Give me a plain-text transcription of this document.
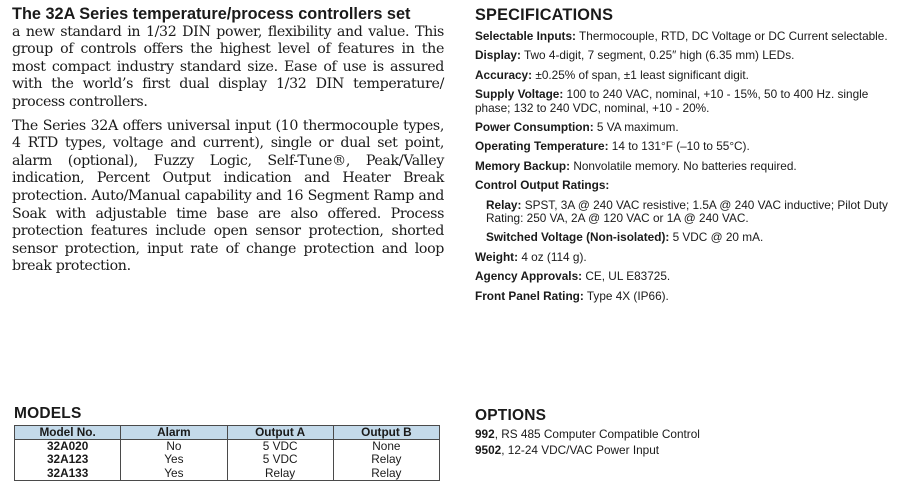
The 32A Series temperature/process controllers set
a new standard in 1/32 DIN power, flexibility and value. This group of controls offers the highest level of features in the most compact industry standard size. Ease of use is assured with the world’s first dual display 1/32 DIN temperature/ process controllers.

The Series 32A offers universal input (10 thermocouple types, 4 RTD types, voltage and current), single or dual set point, alarm (optional), Fuzzy Logic, Self-Tune®, Peak/Valley indication, Percent Output indication and Heater Break protection. Auto/Manual capability and 16 Segment Ramp and Soak with adjustable time base are also offered. Process protection features include open sensor protection, shorted sensor protection, input rate of change protection and loop break protection.

SPECIFICATIONS
Selectable Inputs: Thermocouple, RTD, DC Voltage or DC Current selectable.
Display: Two 4-digit, 7 segment, 0.25″ high (6.35 mm) LEDs.
Accuracy: ±0.25% of span, ±1 least significant digit.
Supply Voltage: 100 to 240 VAC, nominal, +10 - 15%, 50 to 400 Hz. single phase; 132 to 240 VDC, nominal, +10 - 20%.
Power Consumption: 5 VA maximum.
Operating Temperature: 14 to 131°F (–10 to 55°C).
Memory Backup: Nonvolatile memory. No batteries required.
Control Output Ratings:
Relay: SPST, 3A @ 240 VAC resistive; 1.5A @ 240 VAC inductive; Pilot Duty Rating: 250 VA, 2A @ 120 VAC or 1A @ 240 VAC.
Switched Voltage (Non-isolated): 5 VDC @ 20 mA.
Weight: 4 oz (114 g).
Agency Approvals: CE, UL E83725.
Front Panel Rating: Type 4X (IP66).
MODELS
Model No.	Alarm	Output A	Output B
32A020	No	5 VDC	None
32A123	Yes	5 VDC	Relay
32A133	Yes	Relay	Relay
OPTIONS

992, RS 485 Computer Compatible Control

9502, 12-24 VDC/VAC Power Input
